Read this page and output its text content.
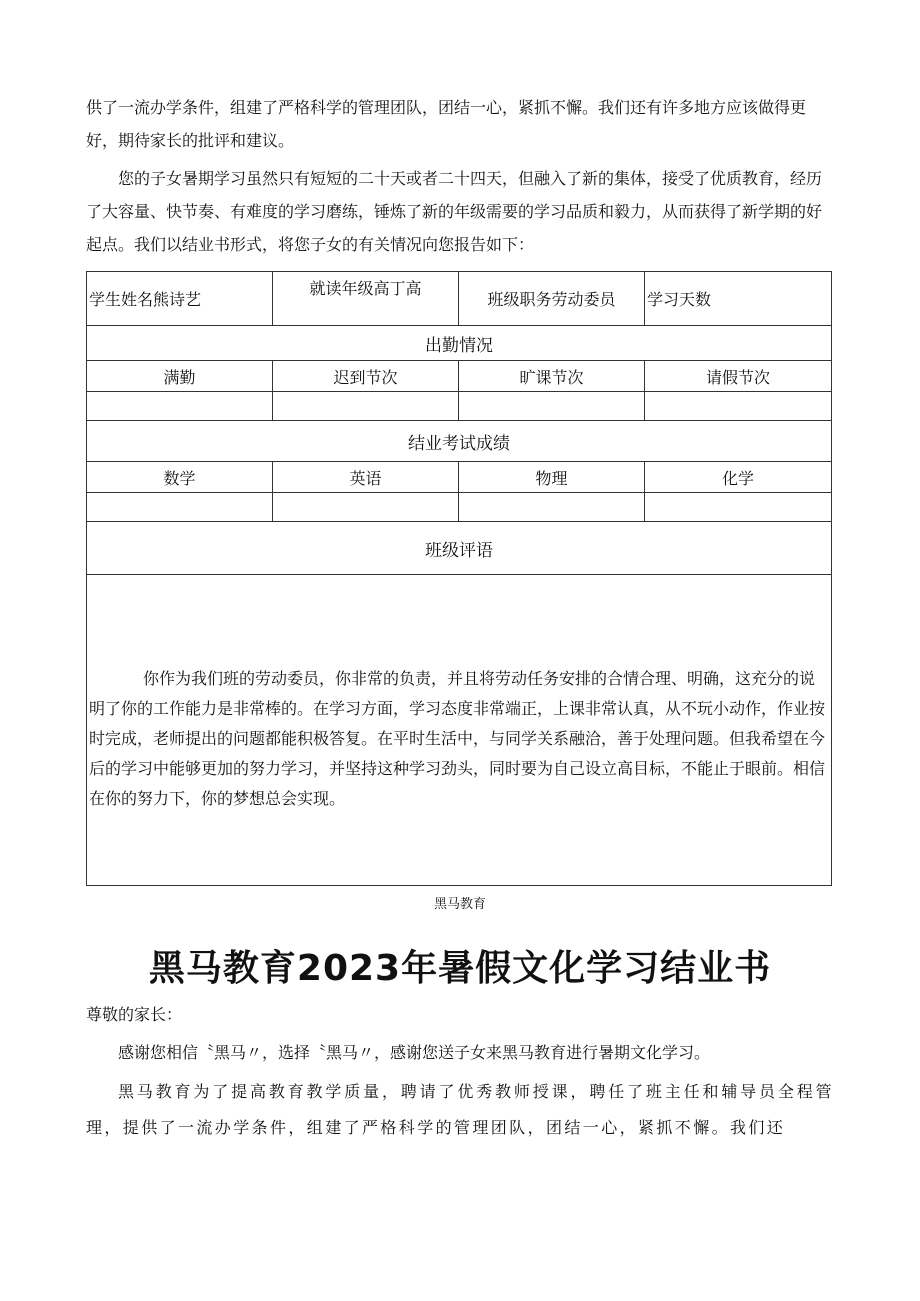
供了一流办学条件，组建了严格科学的管理团队，团结一心，紧抓不懈。我们还有许多地方应该做得更好，期待家长的批评和建议。

您的子女暑期学习虽然只有短短的二十天或者二十四天，但融入了新的集体，接受了优质教育，经历了大容量、快节奏、有难度的学习磨练，锤炼了新的年级需要的学习品质和毅力，从而获得了新学期的好起点。我们以结业书形式，将您子女的有关情况向您报告如下：

学生姓名熊诗艺	就读年级高丁高	班级职务劳动委员	学习天数
出勤情况			
满勤	迟到节次	旷课节次	请假节次

结业考试成绩			
数学	英语	物理	化学

班级评语			

你作为我们班的劳动委员，你非常的负责，并且将劳动任务安排的合情合理、明确，这充分的说明了你的工作能力是非常棒的。在学习方面，学习态度非常端正，上课非常认真，从不玩小动作，作业按时完成，老师提出的问题都能积极答复。在平时生活中，与同学关系融洽，善于处理问题。但我希望在今后的学习中能够更加的努力学习，并坚持这种学习劲头，同时要为自己设立高目标，不能止于眼前。相信在你的努力下，你的梦想总会实现。			

黑马教育
黑马教育2023年暑假文化学习结业书

尊敬的家长：

感谢您相信〝黑马〃，选择〝黑马〃，感谢您送子女来黑马教育进行暑期文化学习。

黑马教育为了提高教育教学质量，聘请了优秀教师授课，聘任了班主任和辅导员全程管理，提供了一流办学条件，组建了严格科学的管理团队，团结一心，紧抓不懈。我们还
